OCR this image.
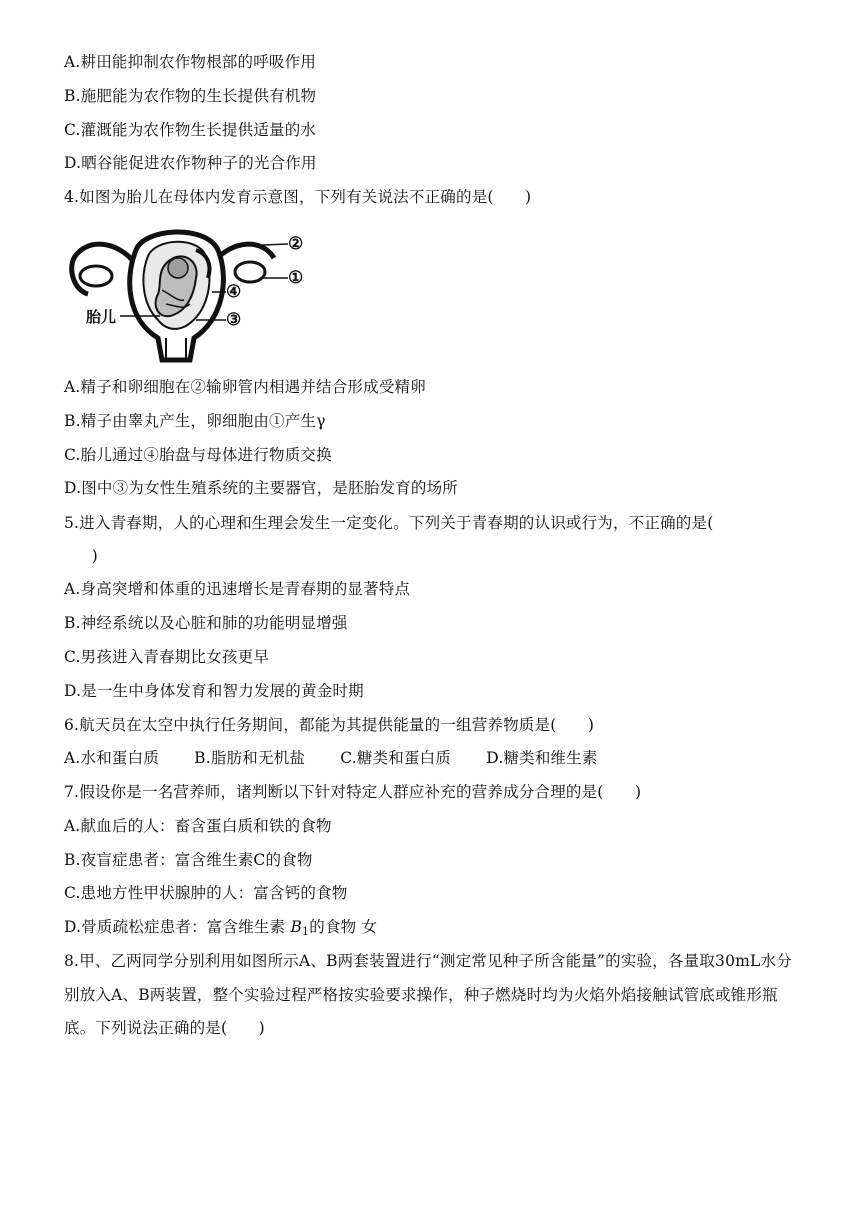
A.耕田能抑制农作物根部的呼吸作用
B.施肥能为农作物的生长提供有机物
C.灌溉能为农作物生长提供适量的水
D.晒谷能促进农作物种子的光合作用
4.如图为胎儿在母体内发育示意图，下列有关说法不正确的是(　　)
胎儿
②
①
④
③
A.精子和卵细胞在②输卵管内相遇并结合形成受精卵
B.精子由睾丸产生，卵细胞由①产生γ
C.胎儿通过④胎盘与母体进行物质交换
D.图中③为女性生殖系统的主要器官，是胚胎发育的场所
5.进入青春期，人的心理和生理会发生一定变化。下列关于青春期的认识或行为，不正确的是(
　)
A.身高突增和体重的迅速增长是青春期的显著特点
B.神经系统以及心脏和肺的功能明显增强
C.男孩进入青春期比女孩更早
D.是一生中身体发育和智力发展的黄金时期
6.航天员在太空中执行任务期间，都能为其提供能量的一组营养物质是(　　)
A.水和蛋白质 B.脂肪和无机盐 C.糖类和蛋白质 D.糖类和维生素
7.假设你是一名营养师，诸判断以下针对特定人群应补充的营养成分合理的是(　　)
A.献血后的人：畜含蛋白质和铁的食物
B.夜盲症患者：富含维生素C的食物
C.患地方性甲状腺肿的人：富含钙的食物
D.骨质疏松症患者：富含维生素 $B_1$的食物 女
8.甲、乙两同学分别利用如图所示A、B两套装置进行“测定常见种子所含能量”的实验，各量取30mL水分别放入A、B两装置，整个实验过程严格按实验要求操作，种子燃烧时均为火焰外焰接触试管底或锥形瓶底。下列说法正确的是(　　)
